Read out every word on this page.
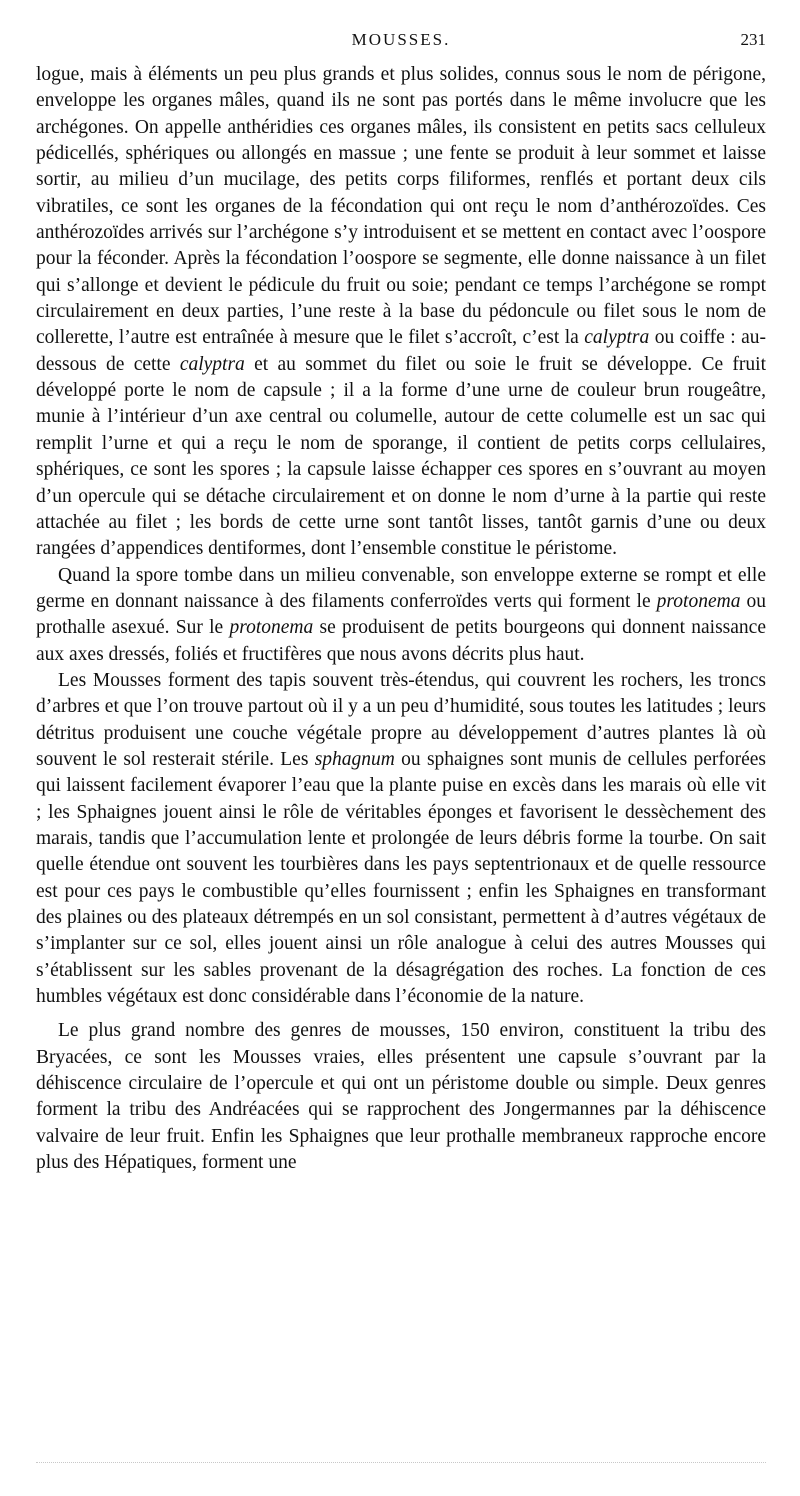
MOUSSES.	231

logue, mais à éléments un peu plus grands et plus solides, connus sous le nom de périgone, enveloppe les organes mâles, quand ils ne sont pas portés dans le même involucre que les archégones. On appelle anthéridies ces organes mâles, ils consistent en petits sacs celluleux pédicellés, sphériques ou allongés en massue ; une fente se produit à leur sommet et laisse sortir, au milieu d’un mucilage, des petits corps filiformes, renflés et portant deux cils vibratiles, ce sont les organes de la fécondation qui ont reçu le nom d’anthérozoïdes. Ces anthérozoïdes arrivés sur l’archégone s’y introduisent et se mettent en contact avec l’oospore pour la féconder. Après la fécondation l’oospore se segmente, elle donne naissance à un filet qui s’allonge et devient le pédicule du fruit ou soie; pendant ce temps l’archégone se rompt circulairement en deux parties, l’une reste à la base du pédoncule ou filet sous le nom de collerette, l’autre est entraînée à mesure que le filet s’accroît, c’est la calyptra ou coiffe : au-dessous de cette calyptra et au sommet du filet ou soie le fruit se développe. Ce fruit développé porte le nom de capsule ; il a la forme d’une urne de couleur brun rougeâtre, munie à l’intérieur d’un axe central ou columelle, autour de cette columelle est un sac qui remplit l’urne et qui a reçu le nom de sporange, il contient de petits corps cellulaires, sphériques, ce sont les spores ; la capsule laisse échapper ces spores en s’ouvrant au moyen d’un opercule qui se détache circulairement et on donne le nom d’urne à la partie qui reste attachée au filet ; les bords de cette urne sont tantôt lisses, tantôt garnis d’une ou deux rangées d’appendices dentiformes, dont l’ensemble constitue le péristome.

Quand la spore tombe dans un milieu convenable, son enveloppe externe se rompt et elle germe en donnant naissance à des filaments conferroïdes verts qui forment le protonema ou prothalle asexué. Sur le protonema se produisent de petits bourgeons qui donnent naissance aux axes dressés, foliés et fructifères que nous avons décrits plus haut.

Les Mousses forment des tapis souvent très-étendus, qui couvrent les rochers, les troncs d’arbres et que l’on trouve partout où il y a un peu d’humidité, sous toutes les latitudes ; leurs détritus produisent une couche végétale propre au développement d’autres plantes là où souvent le sol resterait stérile. Les sphagnum ou sphaignes sont munis de cellules perforées qui laissent facilement évaporer l’eau que la plante puise en excès dans les marais où elle vit ; les Sphaignes jouent ainsi le rôle de véritables éponges et favorisent le dessèchement des marais, tandis que l’accumulation lente et prolongée de leurs débris forme la tourbe. On sait quelle étendue ont souvent les tourbières dans les pays septentrionaux et de quelle ressource est pour ces pays le combustible qu’elles fournissent ; enfin les Sphaignes en transformant des plaines ou des plateaux détrempés en un sol consistant, permettent à d’autres végétaux de s’implanter sur ce sol, elles jouent ainsi un rôle analogue à celui des autres Mousses qui s’établissent sur les sables provenant de la désagrégation des roches. La fonction de ces humbles végétaux est donc considérable dans l’économie de la nature.

Le plus grand nombre des genres de mousses, 150 environ, constituent la tribu des Bryacées, ce sont les Mousses vraies, elles présentent une capsule s’ouvrant par la déhiscence circulaire de l’opercule et qui ont un péristome double ou simple. Deux genres forment la tribu des Andréacées qui se rapprochent des Jongermannes par la déhiscence valvaire de leur fruit. Enfin les Sphaignes que leur prothalle membraneux rapproche encore plus des Hépatiques, forment une
